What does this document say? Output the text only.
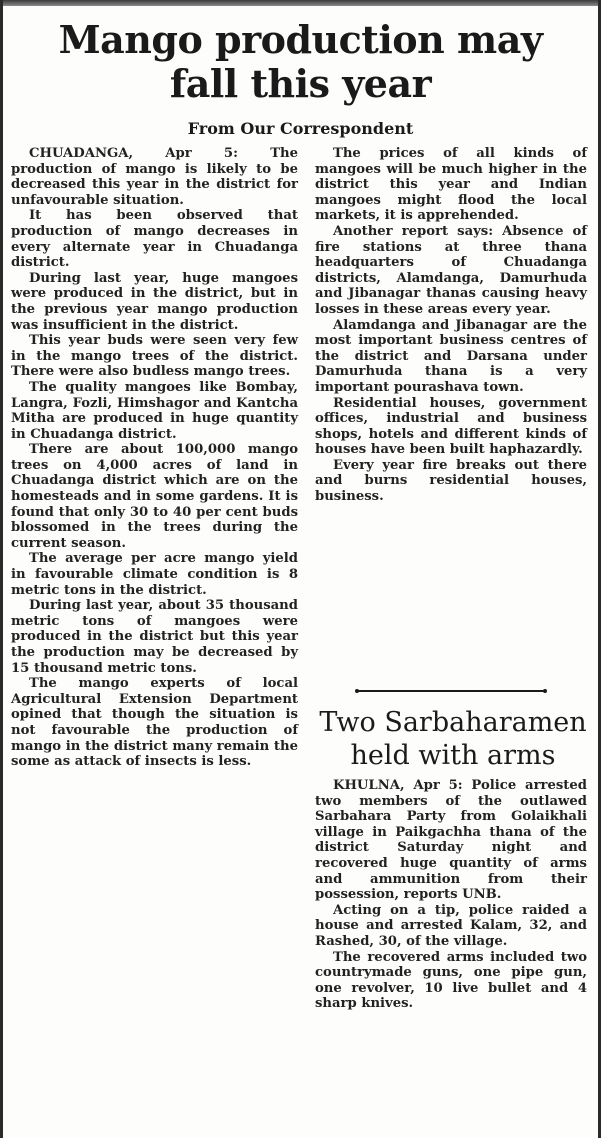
Mango production may
fall this year
From Our Correspondent

CHUADANGA, Apr 5: The production of mango is likely to be decreased this year in the district for unfavourable situation.

It has been observed that production of mango decreases in every alternate year in Chuadanga district.

During last year, huge mangoes were produced in the district, but in the previous year mango production was insufficient in the district.

This year buds were seen very few in the mango trees of the district. There were also budless mango trees.

The quality mangoes like Bombay, Langra, Fozli, Himshagor and Kantcha Mitha are produced in huge quantity in Chuadanga district.

There are about 100,000 mango trees on 4,000 acres of land in Chuadanga district which are on the homesteads and in some gardens. It is found that only 30 to 40 per cent buds blossomed in the trees during the current season.

The average per acre mango yield in favourable climate condition is 8 metric tons in the district.

During last year, about 35 thousand metric tons of mangoes were produced in the district but this year the production may be decreased by 15 thousand metric tons.

The mango experts of local Agricultural Extension Department opined that though the situation is not favourable the production of mango in the district many remain the some as attack of insects is less.

The prices of all kinds of mangoes will be much higher in the district this year and Indian mangoes might flood the local markets, it is apprehended.

Another report says: Absence of fire stations at three thana headquarters of Chuadanga districts, Alamdanga, Damurhuda and Jibanagar thanas causing heavy losses in these areas every year.

Alamdanga and Jibanagar are the most important business centres of the district and Darsana under Damurhuda thana is a very important pourashava town.

Residential houses, government offices, industrial and business shops, hotels and different kinds of houses have been built haphazardly.

Every year fire breaks out there and burns residential houses, business.

Two Sarbaharamen
held with arms

KHULNA, Apr 5: Police arrested two members of the outlawed Sarbahara Party from Golaikhali village in Paikgachha thana of the district Saturday night and recovered huge quantity of arms and ammunition from their possession, reports UNB.

Acting on a tip, police raided a house and arrested Kalam, 32, and Rashed, 30, of the village.

The recovered arms included two countrymade guns, one pipe gun, one revolver, 10 live bullet and 4 sharp knives.
